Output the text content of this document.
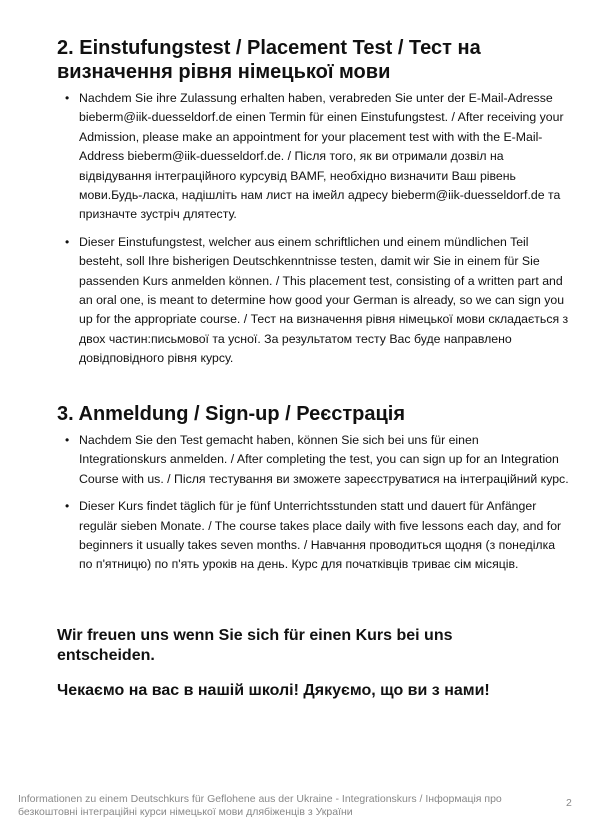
2. Einstufungstest / Placement Test / Тест на визначення рівня німецької мови
• Nachdem Sie ihre Zulassung erhalten haben, verabreden Sie unter der E-Mail-Adresse bieberm@iik-duesseldorf.de einen Termin für einen Einstufungstest. / After receiving your Admission, please make an appointment for your placement test with with the E-Mail-Address bieberm@iik-duesseldorf.de. / Після того, як ви отримали дозвіл на відвідування інтеграційного курсувід BAMF, необхідно визначити Ваш рівень мови.Будь-ласка, надішліть нам лист на імейл адресу bieberm@iik-duesseldorf.de та призначте зустріч длятесту.
• Dieser Einstufungstest, welcher aus einem schriftlichen und einem mündlichen Teil besteht, soll Ihre bisherigen Deutschkenntnisse testen, damit wir Sie in einem für Sie passenden Kurs anmelden können. / This placement test, consisting of a written part and an oral one, is meant to determine how good your German is already, so we can sign you up for the appropriate course. / Тест на визначення рівня німецької мови складається з двох частин:письмової та усної. За результатом тесту Вас буде направлено довідповідного рівня курсу.
3. Anmeldung / Sign-up / Реєстрація
• Nachdem Sie den Test gemacht haben, können Sie sich bei uns für einen Integrationskurs anmelden. / After completing the test, you can sign up for an Integration Course with us. / Після тестування ви зможете зареєструватися на інтеграційний курс.
• Dieser Kurs findet täglich für je fünf Unterrichtsstunden statt und dauert für Anfänger regulär sieben Monate. / The course takes place daily with five lessons each day, and for beginners it usually takes seven months. / Навчання проводиться щодня (з понеділка по п'ятницю) по п'ять уроків на день. Курс для початківців триває сім місяців.

Wir freuen uns wenn Sie sich für einen Kurs bei uns entscheiden.

Чекаємо на вас в нашій школі! Дякуємо, що ви з нами!

Informationen zu einem Deutschkurs für Geflohene aus der Ukraine - Integrationskurs / Інформація про безкоштовні інтеграційні курси німецької мови длябіженців з України
2
